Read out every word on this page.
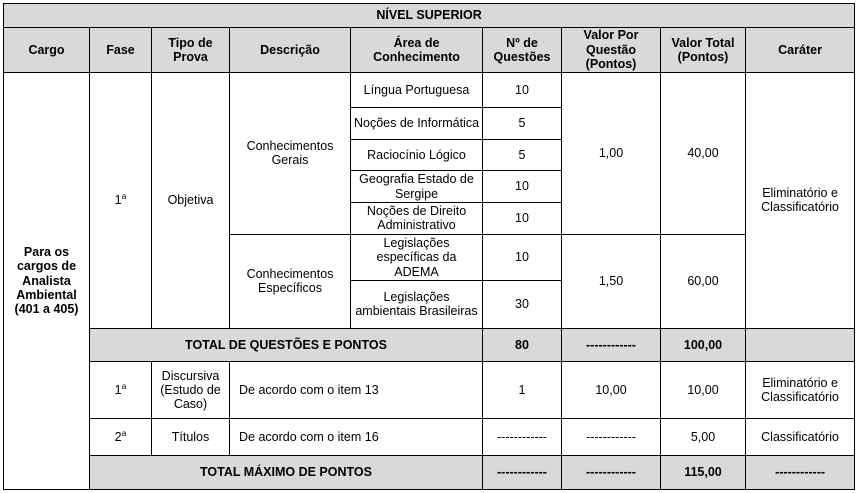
NÍVEL SUPERIOR								
Cargo	Fase	Tipo de Prova	Descrição	Área de Conhecimento	Nº de Questões	Valor Por Questão (Pontos)	Valor Total (Pontos)	Caráter
Para os cargos de Analista Ambiental (401 a 405)	1$^a$	Objetiva	Conhecimentos Gerais	Língua Portuguesa	10	1,00	40,00	Eliminatório e Classificatório
				Noções de Informática	5			
				Raciocínio Lógico	5			
				Geografia Estado de Sergipe	10			
				Noções de Direito Administrativo	10			
			Conhecimentos Específicos	Legislações específicas da ADEMA	10	1,50	60,00	
				Legislações ambientais Brasileiras	30			
	TOTAL DE QUESTÕES E PONTOS				80	------------	100,00	
	1$^a$	Discursiva (Estudo de Caso)	De acordo com o item 13		1	10,00	10,00	Eliminatório e Classificatório
	2$^a$	Títulos	De acordo com o item 16		------------	------------	5,00	Classificatório
	TOTAL MÁXIMO DE PONTOS				------------	------------	115,00	------------
